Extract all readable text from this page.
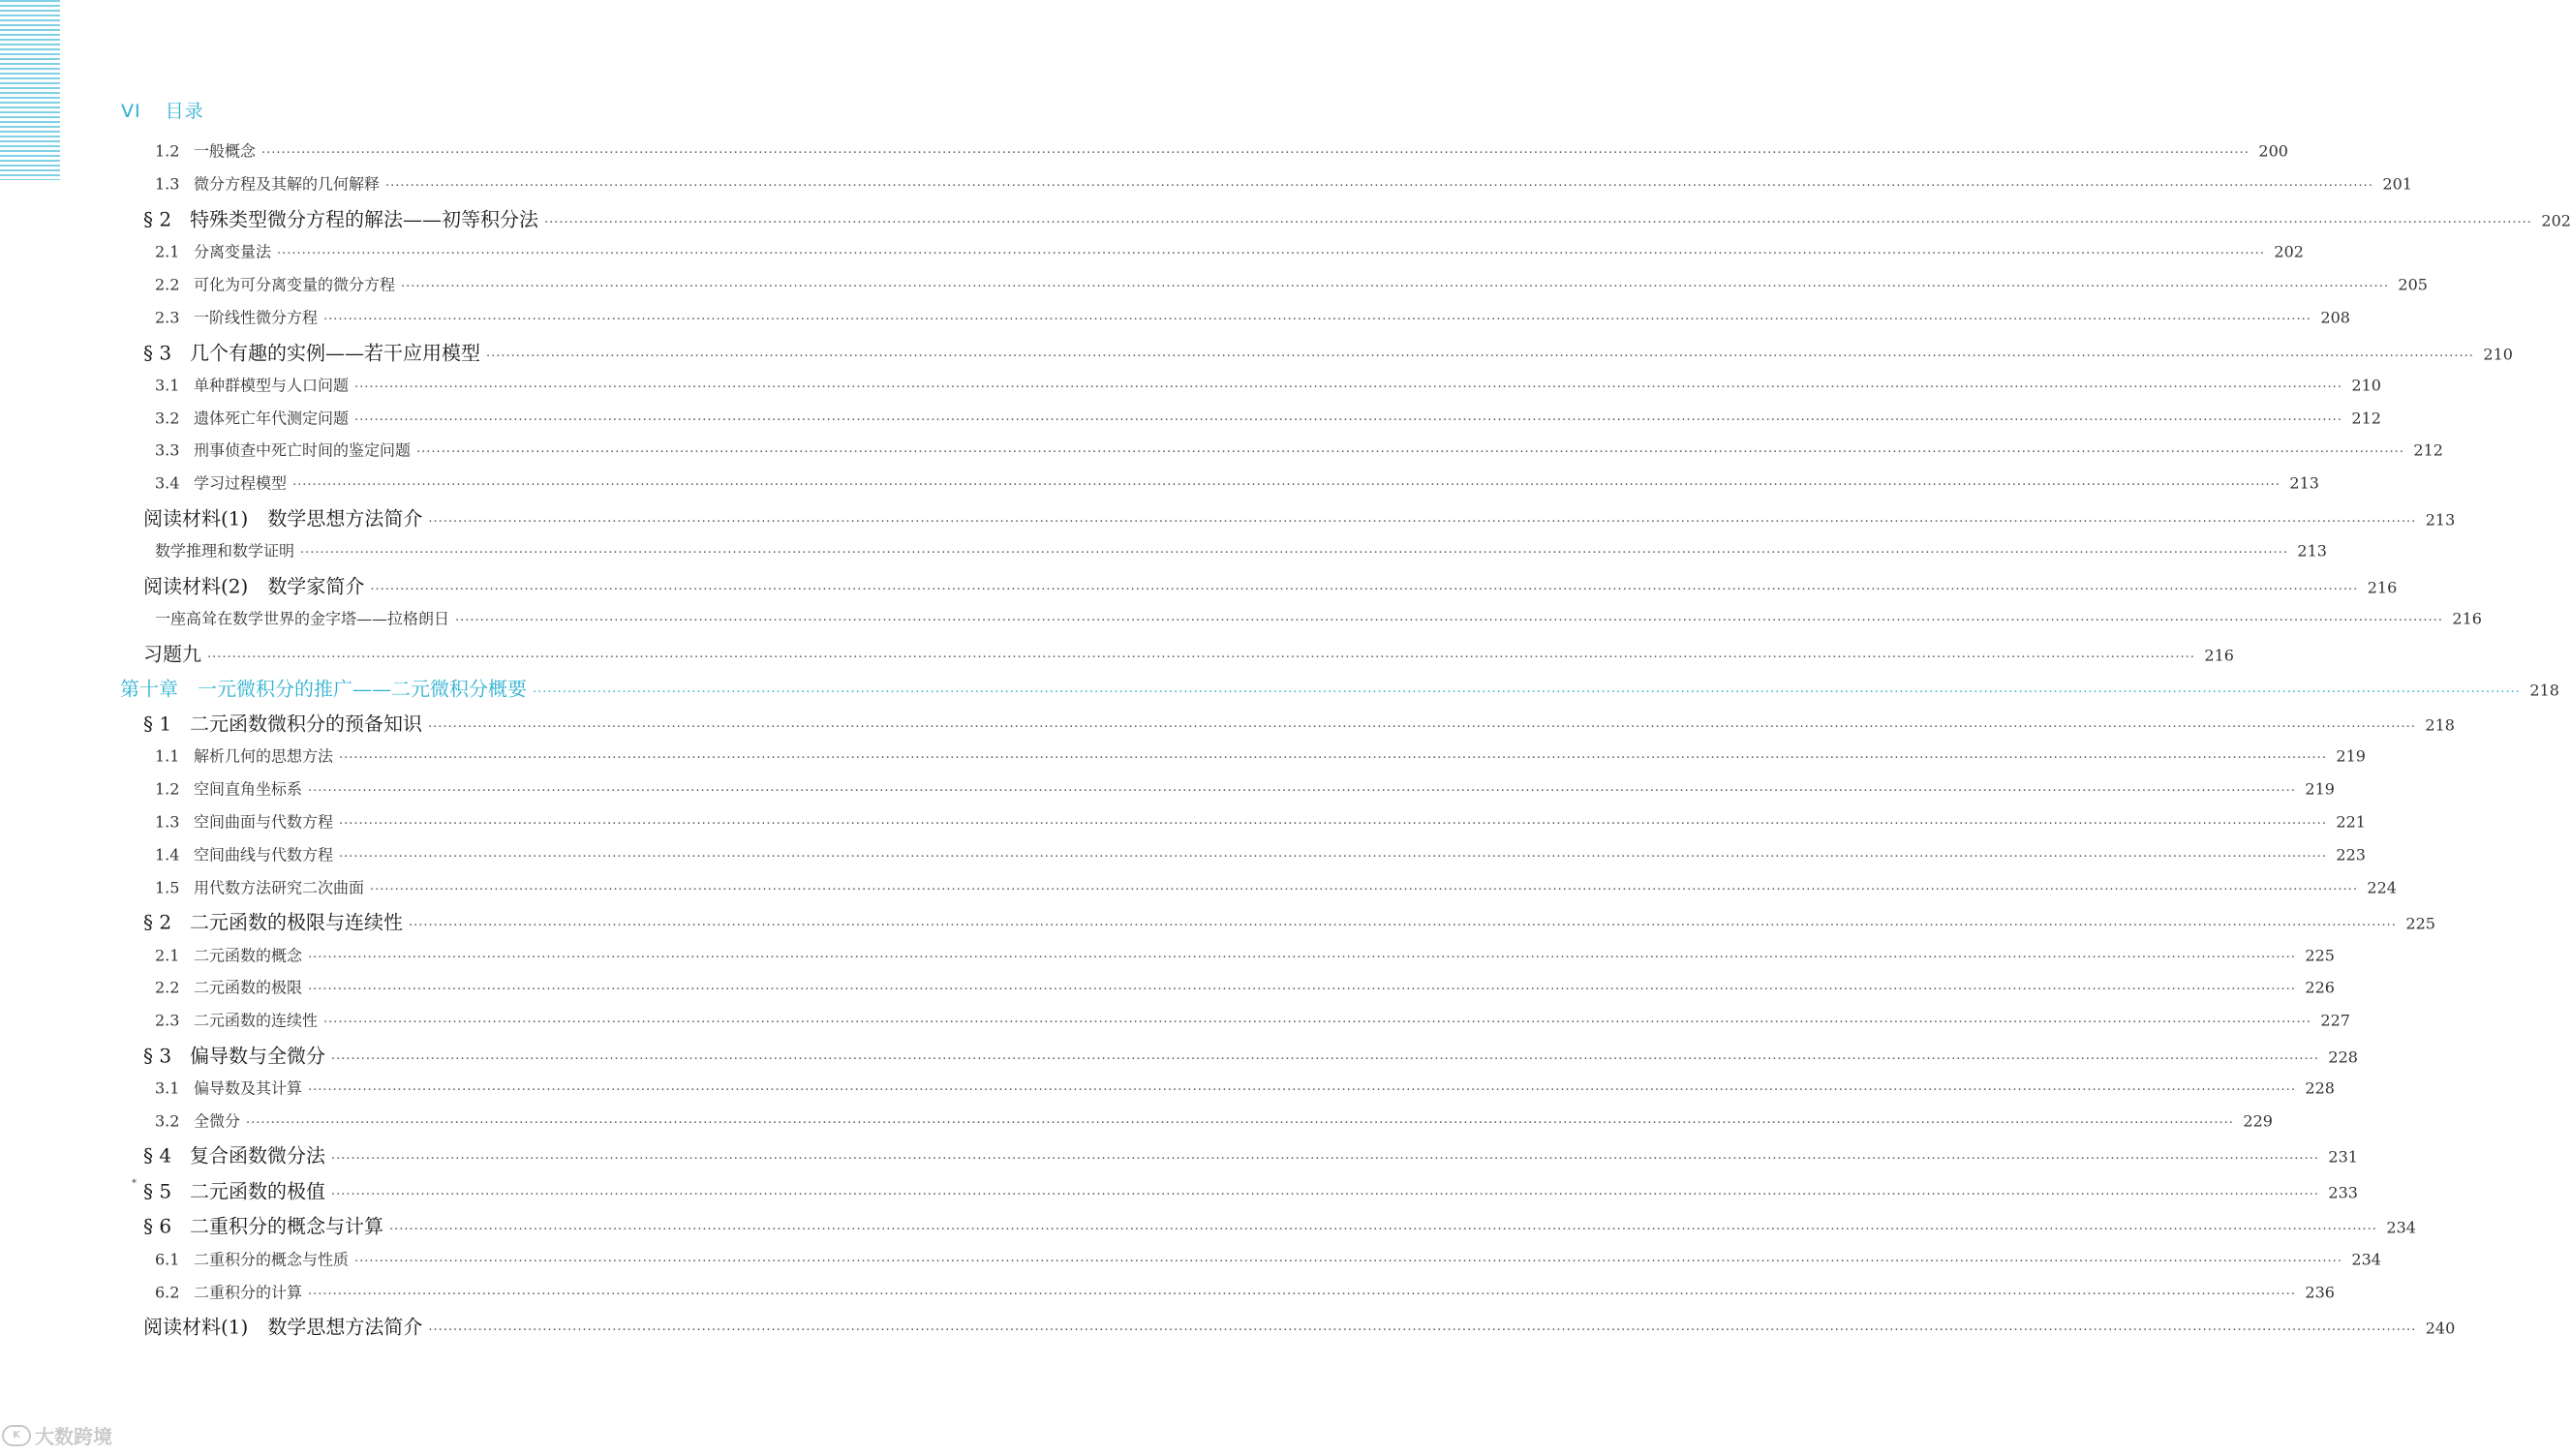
VI 目录
1.2 一般概念 ················································································································································································································································································································································································································ 200
1.3 微分方程及其解的几何解释 ················································································································································································································································································································································································································ 201
§ 2 特殊类型微分方程的解法——初等积分法 ················································································································································································································································································································································································································ 202
2.1 分离变量法 ················································································································································································································································································································································································································ 202
2.2 可化为可分离变量的微分方程 ················································································································································································································································································································································································································ 205
2.3 一阶线性微分方程 ················································································································································································································································································································································································································ 208
§ 3 几个有趣的实例——若干应用模型 ················································································································································································································································································································································································································ 210
3.1 单种群模型与人口问题 ················································································································································································································································································································································································································ 210
3.2 遗体死亡年代测定问题 ················································································································································································································································································································································································································ 212
3.3 刑事侦查中死亡时间的鉴定问题 ················································································································································································································································································································································································································ 212
3.4 学习过程模型 ················································································································································································································································································································································································································ 213
阅读材料(1)　数学思想方法简介 ················································································································································································································································································································································································································ 213
数学推理和数学证明 ················································································································································································································································································································································································································ 213
阅读材料(2)　数学家简介 ················································································································································································································································································································································································································ 216
一座高耸在数学世界的金字塔——拉格朗日 ················································································································································································································································································································································································································ 216
习题九 ················································································································································································································································································································································································································ 216
第十章　一元微积分的推广——二元微积分概要 ················································································································································································································································································································································································································ 218
§ 1 二元函数微积分的预备知识 ················································································································································································································································································································································································································ 218
1.1 解析几何的思想方法 ················································································································································································································································································································································································································ 219
1.2 空间直角坐标系 ················································································································································································································································································································································································································ 219
1.3 空间曲面与代数方程 ················································································································································································································································································································································································································ 221
1.4 空间曲线与代数方程 ················································································································································································································································································································································································································ 223
1.5 用代数方法研究二次曲面 ················································································································································································································································································································································································································ 224
§ 2 二元函数的极限与连续性 ················································································································································································································································································································································································································ 225
2.1 二元函数的概念 ················································································································································································································································································································································································································ 225
2.2 二元函数的极限 ················································································································································································································································································································································································································ 226
2.3 二元函数的连续性 ················································································································································································································································································································································································································ 227
§ 3 偏导数与全微分 ················································································································································································································································································································································································································ 228
3.1 偏导数及其计算 ················································································································································································································································································································································································································ 228
3.2 全微分 ················································································································································································································································································································································································································ 229
§ 4 复合函数微分法 ················································································································································································································································································································································································································ 231
§ 5 二元函数的极值 ················································································································································································································································································································································································································ 233
*
§ 6 二重积分的概念与计算 ················································································································································································································································································································································································································ 234
6.1 二重积分的概念与性质 ················································································································································································································································································································································································································ 234
6.2 二重积分的计算 ················································································································································································································································································································································································································ 236
阅读材料(1)　数学思想方法简介 ················································································································································································································································································································································································································ 240
K 大数跨境
